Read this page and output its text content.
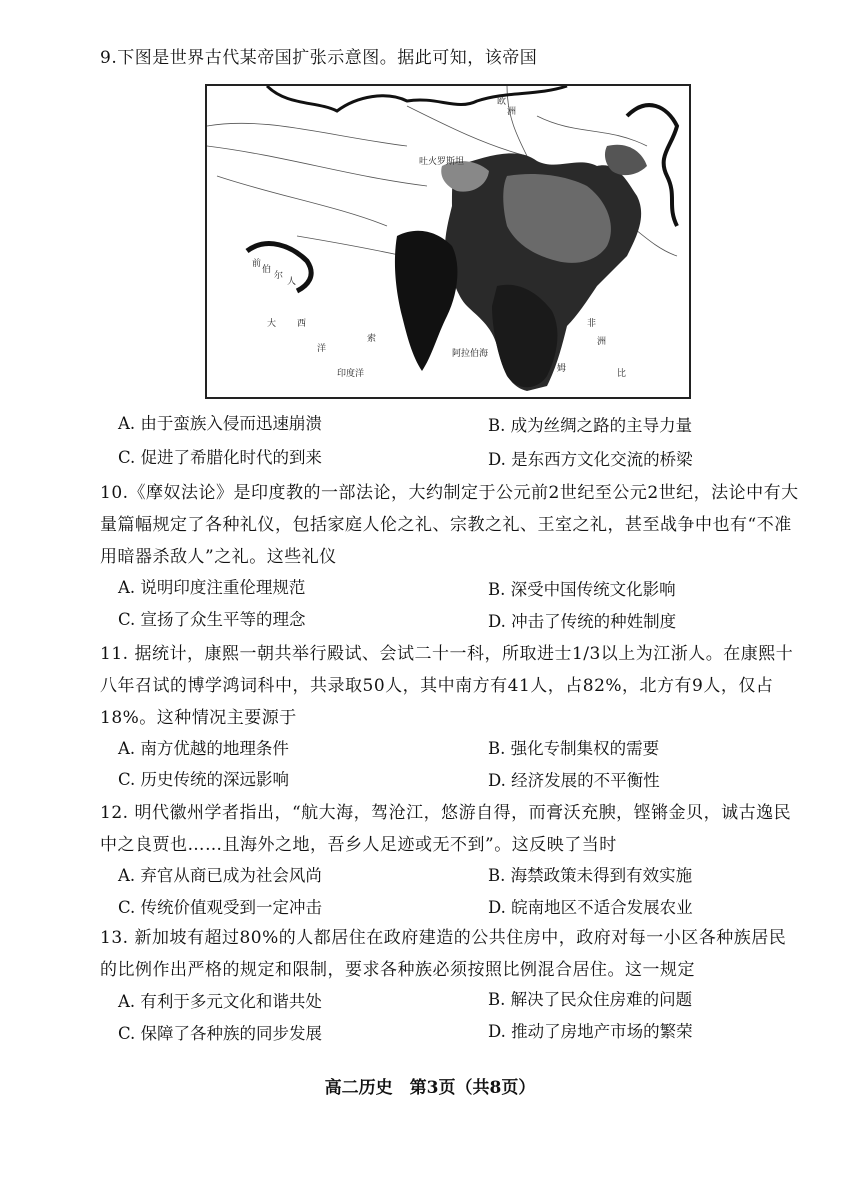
9.下图是世界古代某帝国扩张示意图。据此可知，该帝国
欧
洲
吐火罗斯坦
阿拉伯海
非
洲
印度洋
大 西
洋
前
伯
尔
人
索
姆	比
A. 由于蛮族入侵而迅速崩溃	B. 成为丝绸之路的主导力量
C. 促进了希腊化时代的到来	D. 是东西方文化交流的桥梁
10.《摩奴法论》是印度教的一部法论，大约制定于公元前2世纪至公元2世纪，法论中有大量篇幅规定了各种礼仪，包括家庭人伦之礼、宗教之礼、王室之礼，甚至战争中也有“不准用暗器杀敌人”之礼。这些礼仪
A. 说明印度注重伦理规范	B. 深受中国传统文化影响
C. 宣扬了众生平等的理念	D. 冲击了传统的种姓制度
11. 据统计，康熙一朝共举行殿试、会试二十一科，所取进士1/3以上为江浙人。在康熙十八年召试的博学鸿词科中，共录取50人，其中南方有41人，占82%，北方有9人，仅占18%。这种情况主要源于
A. 南方优越的地理条件	B. 强化专制集权的需要
C. 历史传统的深远影响	D. 经济发展的不平衡性
12. 明代徽州学者指出，“航大海，驾沧江，悠游自得，而膏沃充腴，铿锵金贝，诚古逸民中之良贾也……且海外之地，吾乡人足迹或无不到”。这反映了当时
A. 弃官从商已成为社会风尚	B. 海禁政策未得到有效实施
C. 传统价值观受到一定冲击	D. 皖南地区不适合发展农业
13. 新加坡有超过80%的人都居住在政府建造的公共住房中，政府对每一小区各种族居民的比例作出严格的规定和限制，要求各种族必须按照比例混合居住。这一规定
A. 有利于多元文化和谐共处	B. 解决了民众住房难的问题
C. 保障了各种族的同步发展	D. 推动了房地产市场的繁荣
高二历史　第3页（共8页）
